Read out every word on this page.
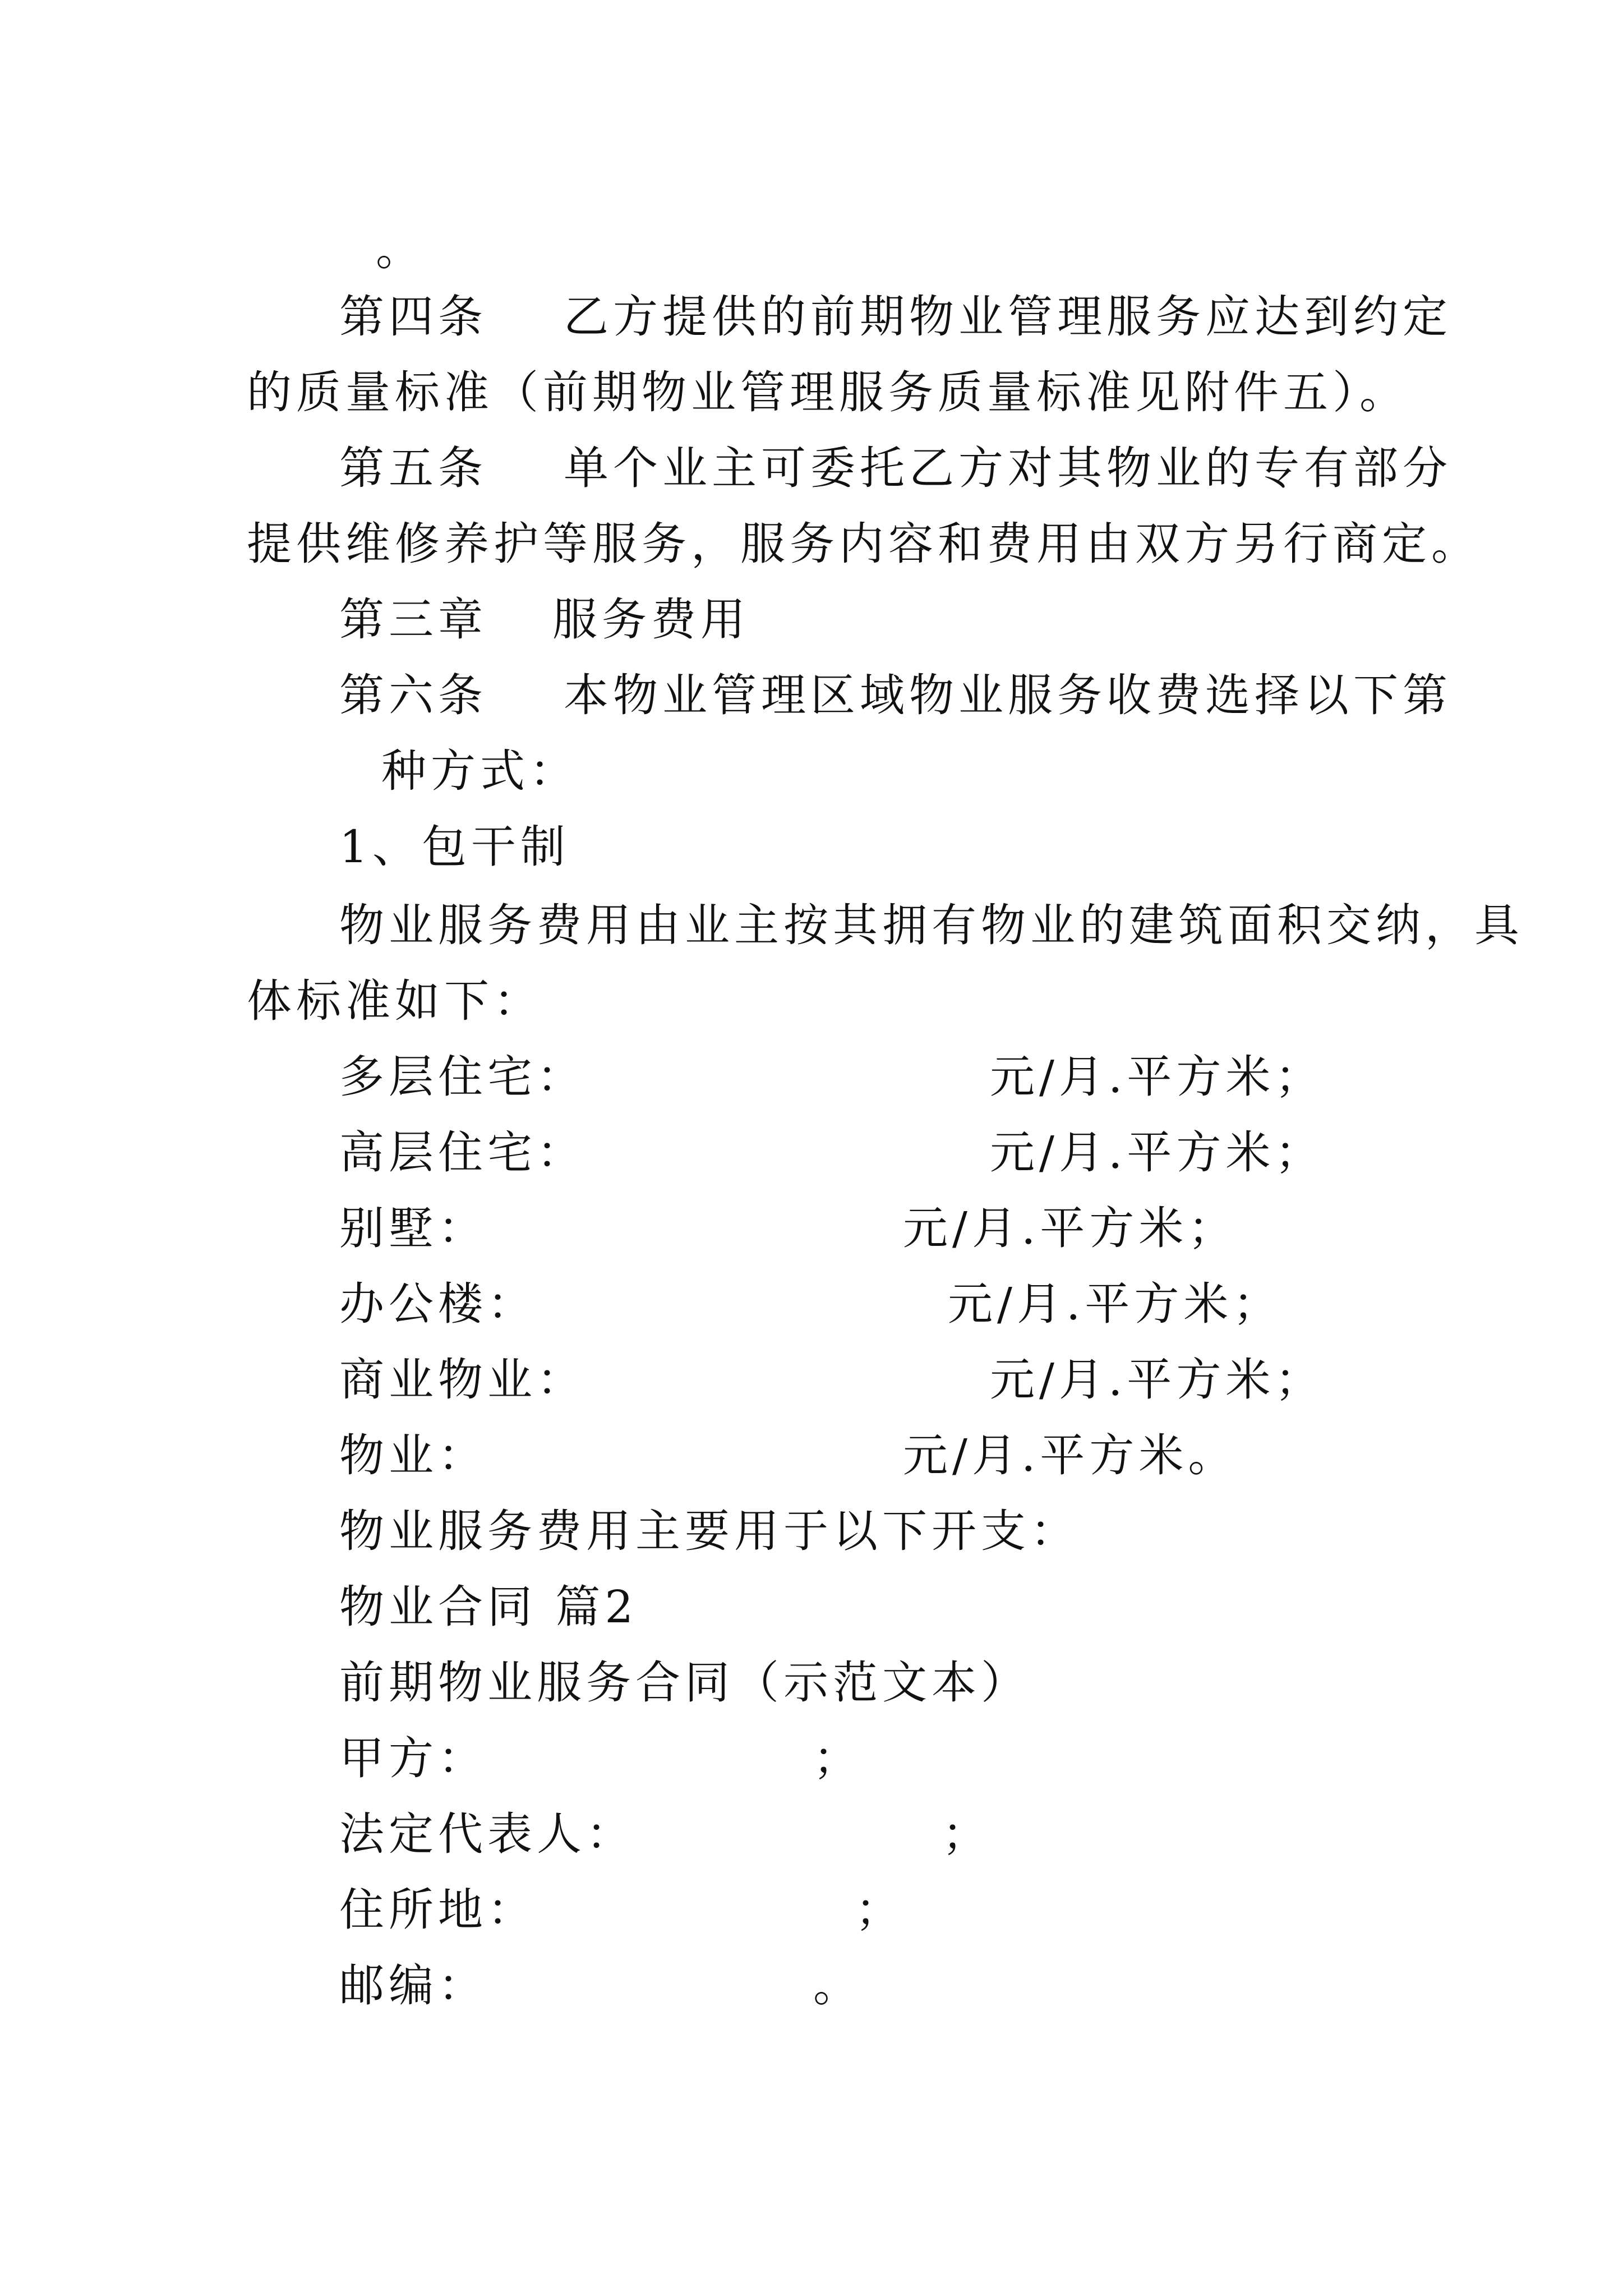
。
第四条 乙方提供的前期物业管理服务应达到约定
的质量标准（前期物业管理服务质量标准见附件五）。
第五条 单个业主可委托乙方对其物业的专有部分
提供维修养护等服务，服务内容和费用由双方另行商定。
第三章 服务费用
第六条 本物业管理区域物业服务收费选择以下第
种方式：
1、包干制
物业服务费用由业主按其拥有物业的建筑面积交纳，具
体标准如下：
多层住宅：	元/月.平方米；
高层住宅：	元/月.平方米；
别墅：	元/月.平方米；
办公楼：	元/月.平方米；
商业物业：	元/月.平方米；
物业：	元/月.平方米。
物业服务费用主要用于以下开支：
物业合同 篇2
前期物业服务合同（示范文本）
甲方：	；
法定代表人：	；
住所地：	；
邮编：	。
